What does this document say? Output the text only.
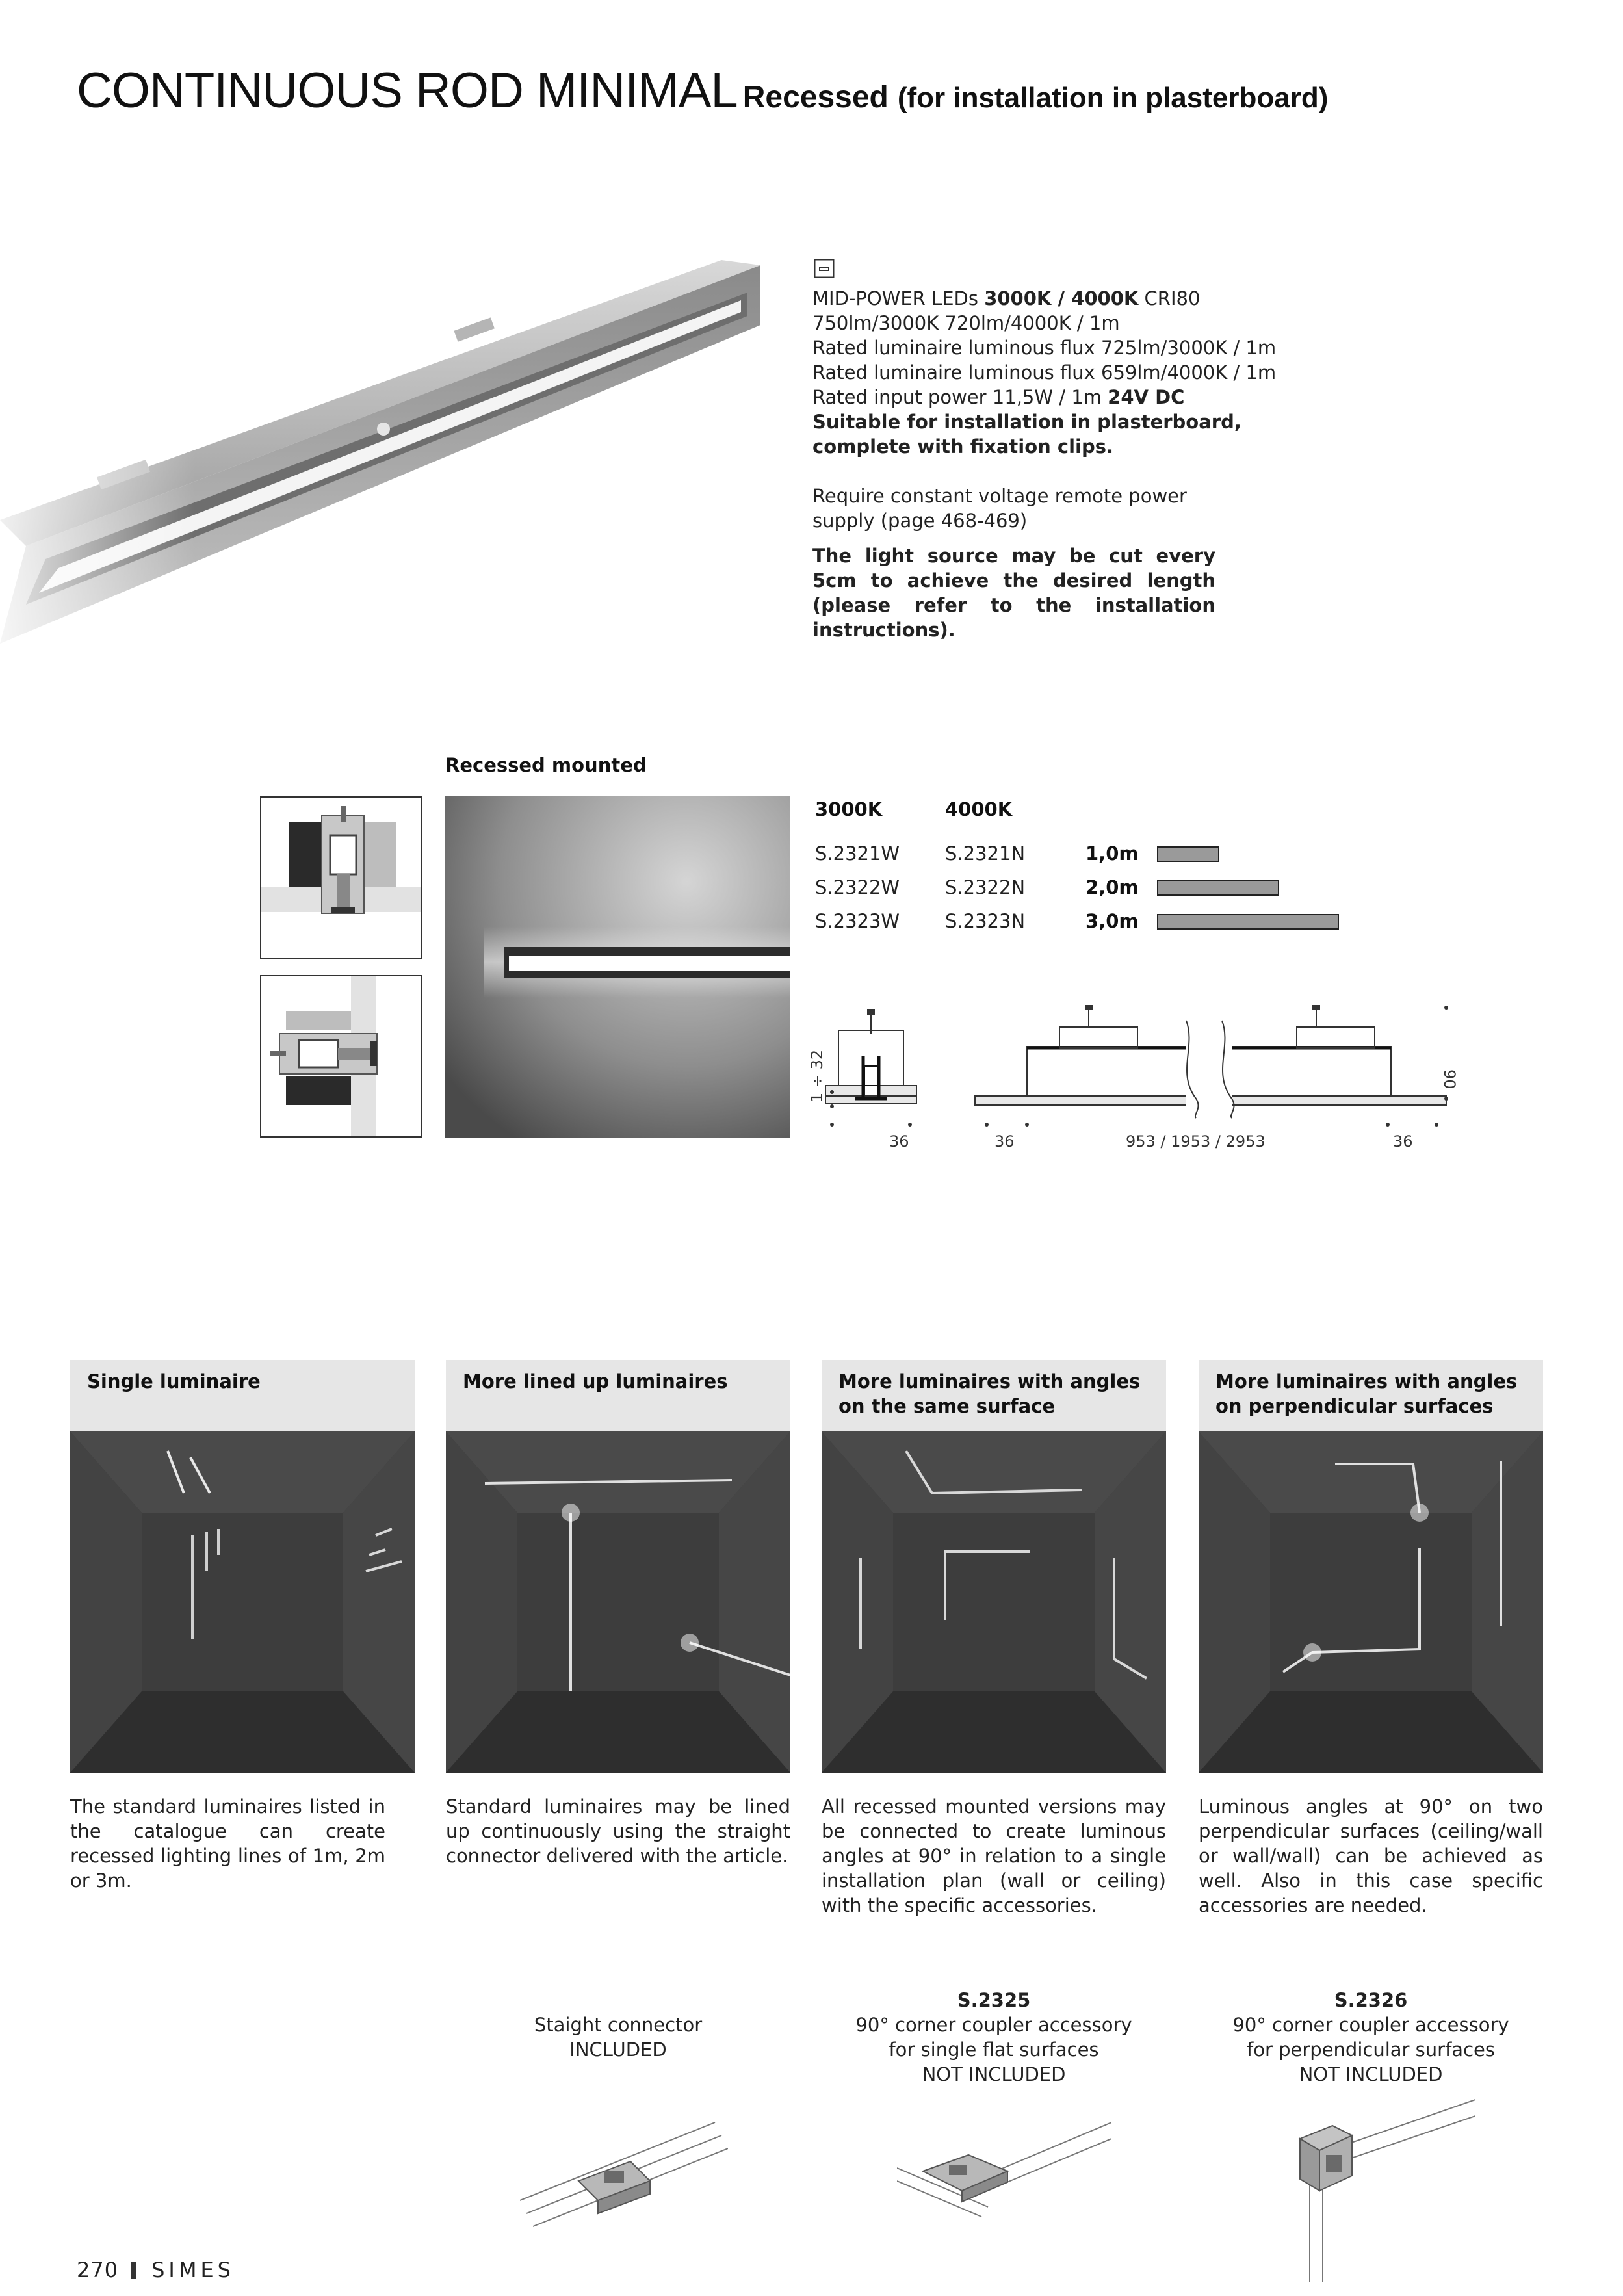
CONTINUOUS ROD MINIMAL Recessed (for installation in plasterboard)

MID-POWER LEDs 3000K / 4000K CRI80

750lm/3000K 720lm/4000K / 1m

Rated luminaire luminous flux 725lm/3000K / 1m

Rated luminaire luminous flux 659lm/4000K / 1m

Rated input power 11,5W / 1m 24V DC

Suitable for installation in plasterboard, complete with fixation clips.

Require constant voltage remote power supply (page 468-469)

The light source may be cut every 5cm to achieve the desired length (please refer to the installation instructions).

Recessed mounted
3000K	4000K
S.2321W S.2321N	1,0m
S.2322W S.2322N	2,0m
S.2323W S.2323N	3,0m
1 ÷ 32
36	36	953 / 1953 / 2953	36
90
Single luminaire
The standard luminaires listed in the catalogue can create recessed lighting lines of 1m, 2m or 3m.
More lined up luminaires
Standard luminaires may be lined up continuously using the straight connector delivered with the article.
More luminaires with angles on the same surface
All recessed mounted versions may be connected to create luminous angles at 90° in relation to a single installation plan (wall or ceiling) with the specific accessories.
More luminaires with angles on perpendicular surfaces
Luminous angles at 90° on two perpendicular surfaces (ceiling/wall or wall/wall) can be achieved as well. Also in this case specific accessories are needed.
Staight connector
INCLUDED
S.2325
90° corner coupler accessory
for single flat surfaces
NOT INCLUDED
S.2326
90° corner coupler accessory
for perpendicular surfaces
NOT INCLUDED
270 SIMES
